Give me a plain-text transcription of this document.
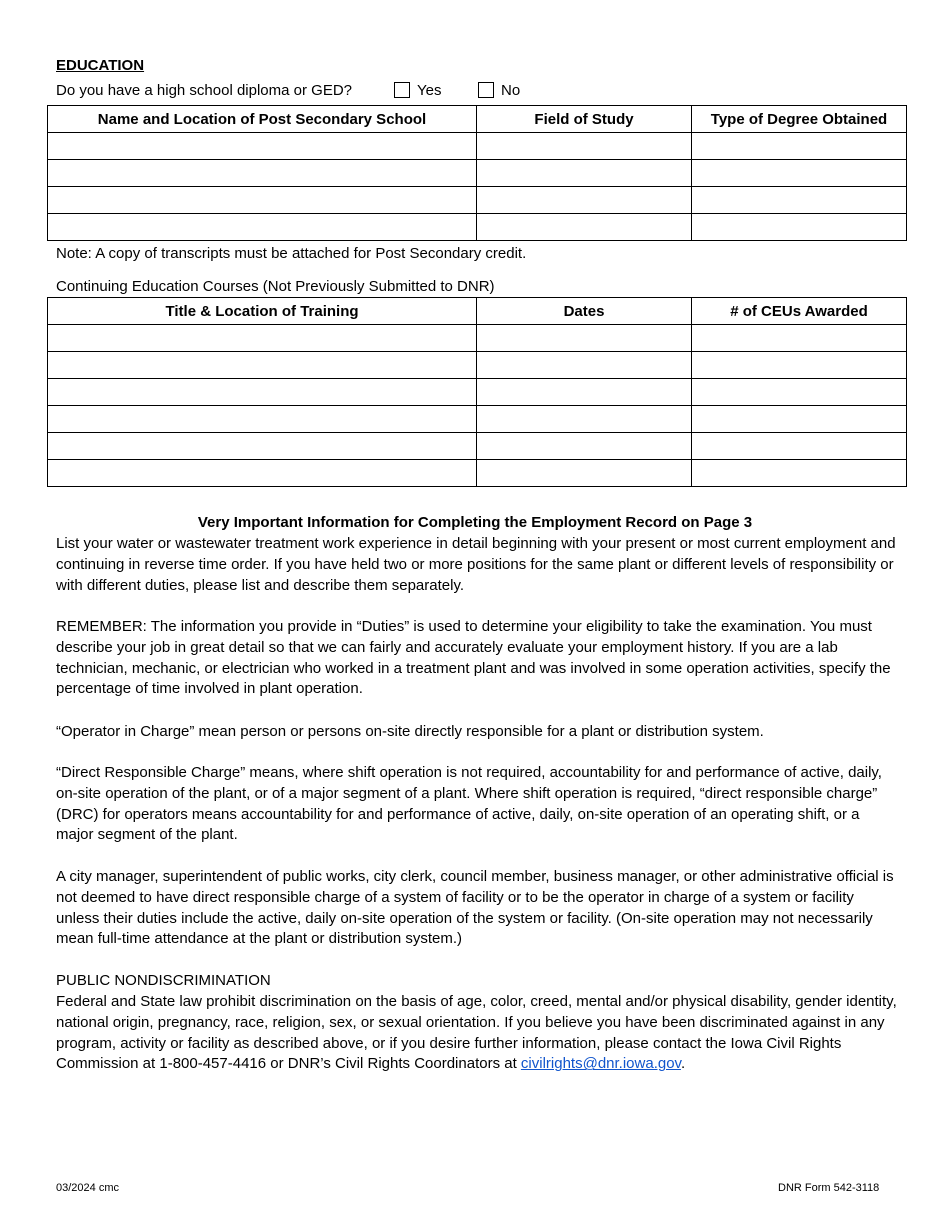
EDUCATION
Do you have a high school diploma or GED?	Yes	No
Name and Location of Post Secondary School	Field of Study	Type of Degree Obtained

Note: A copy of transcripts must be attached for Post Secondary credit.
Continuing Education Courses (Not Previously Submitted to DNR)
Title & Location of Training	Dates	# of CEUs Awarded

Very Important Information for Completing the Employment Record on Page 3
List your water or wastewater treatment work experience in detail beginning with your present or most current employment and continuing in reverse time order. If you have held two or more positions for the same plant or different levels of responsibility or with different duties, please list and describe them separately.
REMEMBER: The information you provide in “Duties” is used to determine your eligibility to take the examination. You must describe your job in great detail so that we can fairly and accurately evaluate your employment history. If you are a lab technician, mechanic, or electrician who worked in a treatment plant and was involved in some operation activities, specify the percentage of time involved in plant operation.
“Operator in Charge” mean person or persons on-site directly responsible for a plant or distribution system.
“Direct Responsible Charge” means, where shift operation is not required, accountability for and performance of active, daily, on-site operation of the plant, or of a major segment of a plant. Where shift operation is required, “direct responsible charge” (DRC) for operators means accountability for and performance of active, daily, on-site operation of an operating shift, or a major segment of the plant.
A city manager, superintendent of public works, city clerk, council member, business manager, or other administrative official is not deemed to have direct responsible charge of a system of facility or to be the operator in charge of a system or facility unless their duties include the active, daily on-site operation of the system or facility. (On-site operation may not necessarily mean full-time attendance at the plant or distribution system.)
PUBLIC NONDISCRIMINATION
Federal and State law prohibit discrimination on the basis of age, color, creed, mental and/or physical disability, gender identity, national origin, pregnancy, race, religion, sex, or sexual orientation. If you believe you have been discriminated against in any program, activity or facility as described above, or if you desire further information, please contact the Iowa Civil Rights Commission at 1-800-457-4416 or DNR’s Civil Rights Coordinators at civilrights@dnr.iowa.gov.
03/2024 cmc	DNR Form 542-3118
